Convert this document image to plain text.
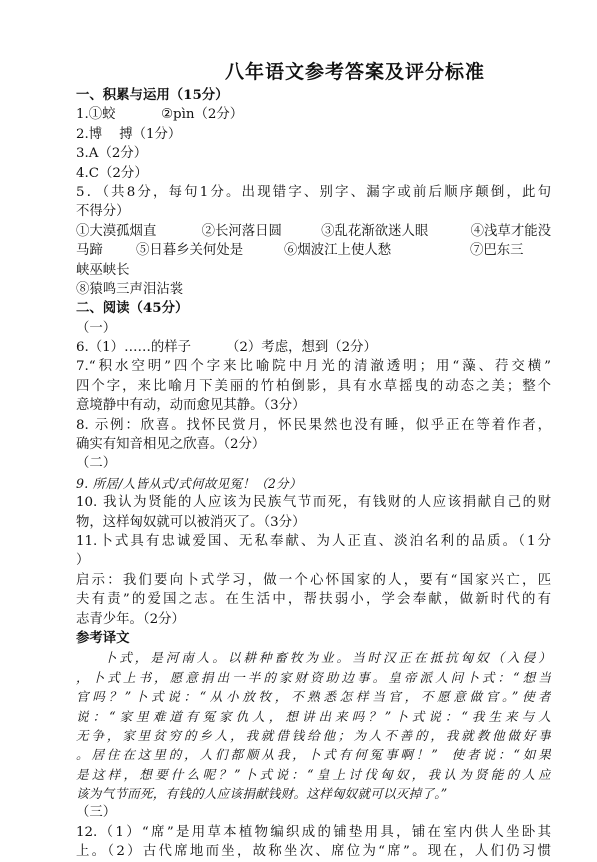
八年语文参考答案及评分标准
一、积累与运用（15分）
1.①蛟	②pìn（2分）
2.博    搏（1分）
3.A（2分）
4.C（2分）
5．（共8分，每句1分。出现错字、别字、漏字或前后顺序颠倒，此句
不得分）
①大漠孤烟直	②长河落日圆	③乱花渐欲迷人眼	④浅草才能没
马蹄	⑤日暮乡关何处是	⑥烟波江上使人愁	⑦巴东三
峡巫峡长
⑧猿鸣三声泪沾裳
二、阅读（45分）
（一）
6.（1）……的样子	（2）考虑，想到（2分）
7.“积水空明”四个字来比喻院中月光的清澈透明；用“藻、荇交横”
四个字，来比喻月下美丽的竹柏倒影，具有水草摇曳的动态之美；整个
意境静中有动，动而愈见其静。（3分）
8. 示例：欣喜。找怀民赏月，怀民果然也没有睡，似乎正在等着作者，
确实有知音相见之欣喜。（2分）
（二）
9. 所居/人皆从式/式何故见冤！（2分）
10. 我认为贤能的人应该为民族气节而死，有钱财的人应该捐献自己的财
物，这样匈奴就可以被消灭了。（3分）
11.卜式具有忠诚爱国、无私奉献、为人正直、淡泊名利的品质。（1分
）
启示：我们要向卜式学习，做一个心怀国家的人，要有“国家兴亡，匹
夫有责”的爱国之志。在生活中，帮扶弱小，学会奉献，做新时代的有
志青少年。（2分）
参考译文
卜式，是河南人。以耕种畜牧为业。当时汉正在抵抗匈奴（入侵）
，卜式上书，愿意捐出一半的家财资助边事。皇帝派人问卜式：“想当
官吗？”卜式说：“从小放牧，不熟悉怎样当官，不愿意做官。”使者
说：“家里难道有冤家仇人，想讲出来吗？”卜式说：“我生来与人
无争，家里贫穷的乡人，我就借钱给他；为人不善的，我就教他做好事
。居住在这里的，人们都顺从我，卜式有何冤事啊！”  使者说：“如果
是这样，想要什么呢？”卜式说：“皇上讨伐匈奴，我认为贤能的人应
该为气节而死，有钱的人应该捐献钱财。这样匈奴就可以灭掉了。”
（三）
12.（1）“席”是用草本植物编织成的铺垫用具，铺在室内供人坐卧其
上。（2）古代席地而坐，故称坐次、席位为“席”。现在，人们仍习惯
